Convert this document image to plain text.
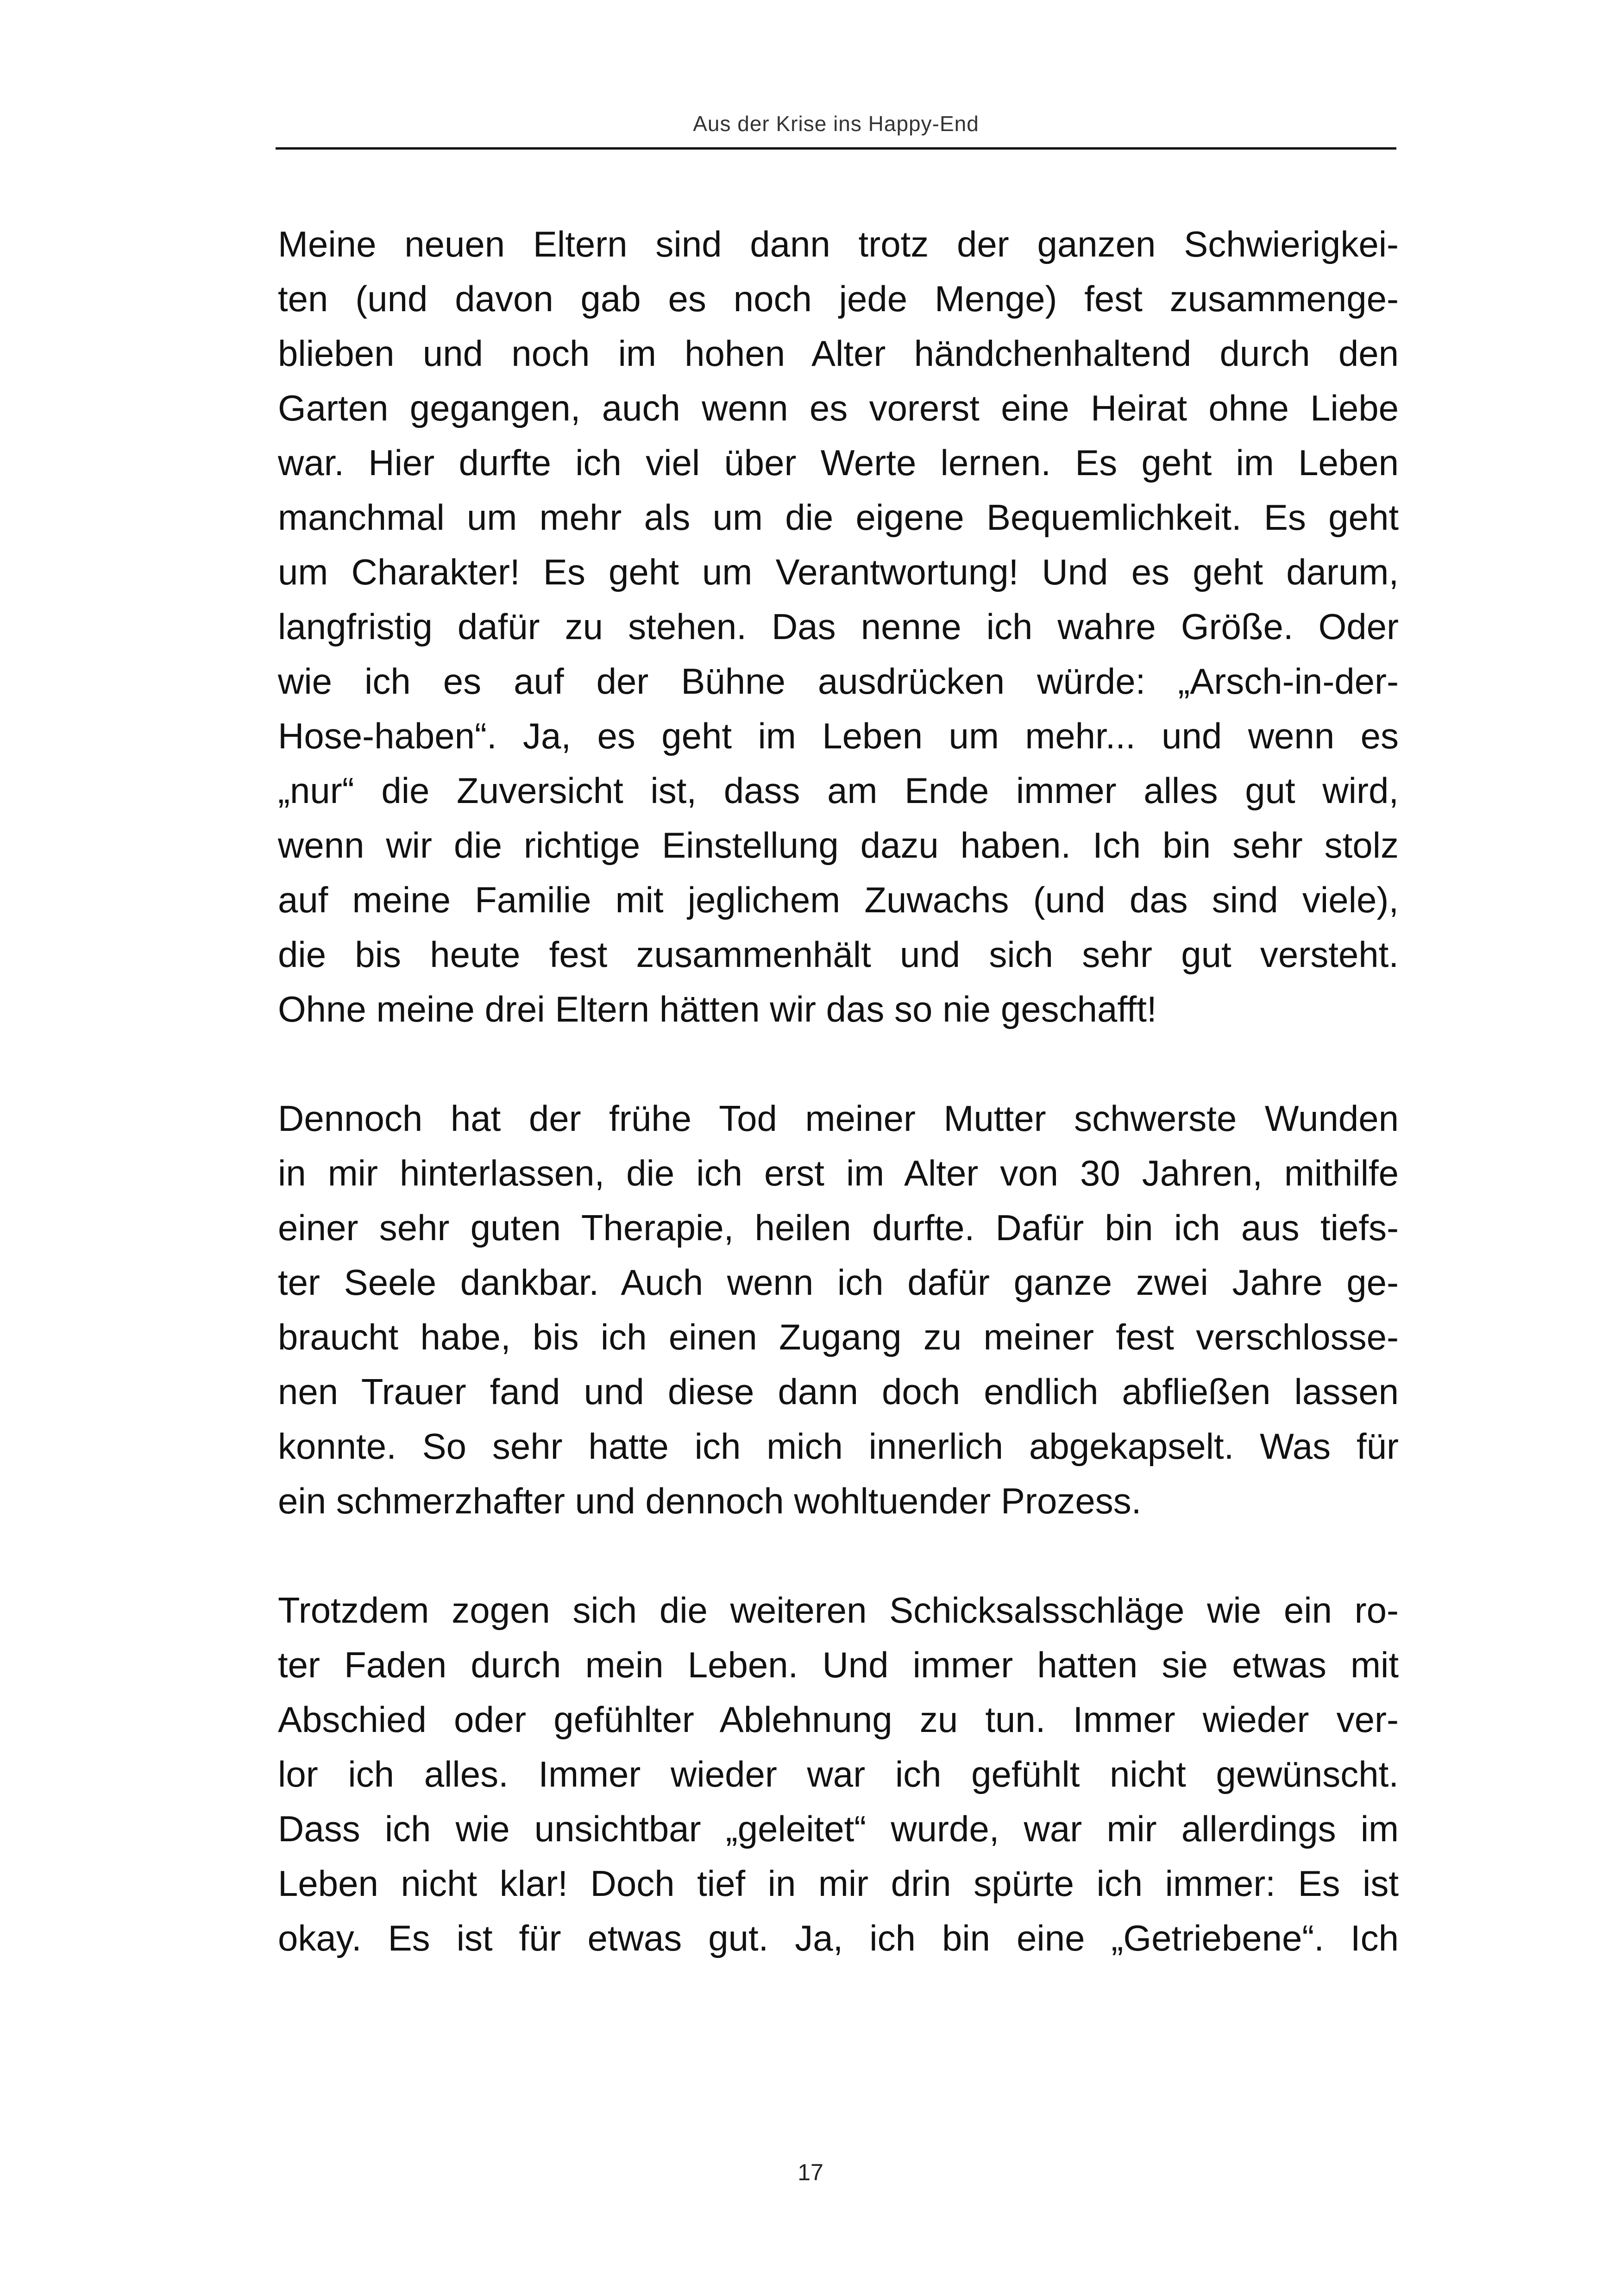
Aus der Krise ins Happy-End
Meine neuen Eltern sind dann trotz der ganzen Schwierigkei-
ten (und davon gab es noch jede Menge) fest zusammenge-
blieben und noch im hohen Alter händchenhaltend durch den
Garten gegangen, auch wenn es vorerst eine Heirat ohne Liebe
war. Hier durfte ich viel über Werte lernen. Es geht im Leben
manchmal um mehr als um die eigene Bequemlichkeit. Es geht
um Charakter! Es geht um Verantwortung! Und es geht darum,
langfristig dafür zu stehen. Das nenne ich wahre Größe. Oder
wie ich es auf der Bühne ausdrücken würde: „Arsch-in-der-
Hose-haben“. Ja, es geht im Leben um mehr... und wenn es
„nur“ die Zuversicht ist, dass am Ende immer alles gut wird,
wenn wir die richtige Einstellung dazu haben. Ich bin sehr stolz
auf meine Familie mit jeglichem Zuwachs (und das sind viele),
die bis heute fest zusammenhält und sich sehr gut versteht.
Ohne meine drei Eltern hätten wir das so nie geschafft!
Dennoch hat der frühe Tod meiner Mutter schwerste Wunden
in mir hinterlassen, die ich erst im Alter von 30 Jahren, mithilfe
einer sehr guten Therapie, heilen durfte. Dafür bin ich aus tiefs-
ter Seele dankbar. Auch wenn ich dafür ganze zwei Jahre ge-
braucht habe, bis ich einen Zugang zu meiner fest verschlosse-
nen Trauer fand und diese dann doch endlich abfließen lassen
konnte. So sehr hatte ich mich innerlich abgekapselt. Was für
ein schmerzhafter und dennoch wohltuender Prozess.
Trotzdem zogen sich die weiteren Schicksalsschläge wie ein ro-
ter Faden durch mein Leben. Und immer hatten sie etwas mit
Abschied oder gefühlter Ablehnung zu tun. Immer wieder ver-
lor ich alles. Immer wieder war ich gefühlt nicht gewünscht.
Dass ich wie unsichtbar „geleitet“ wurde, war mir allerdings im
Leben nicht klar! Doch tief in mir drin spürte ich immer: Es ist
okay. Es ist für etwas gut. Ja, ich bin eine „Getriebene“. Ich
17
